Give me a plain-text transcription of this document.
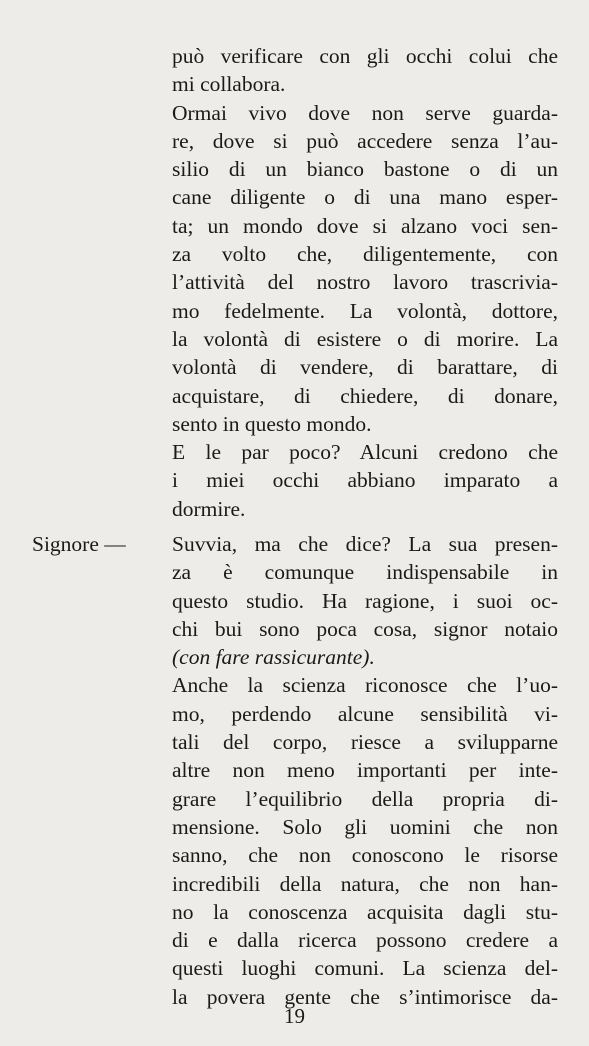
può verificare con gli occhi colui che
mi collabora.
Ormai vivo dove non serve guarda-
re, dove si può accedere senza l’au-
silio di un bianco bastone o di un
cane diligente o di una mano esper-
ta; un mondo dove si alzano voci sen-
za volto che, diligentemente, con
l’attività del nostro lavoro trascrivia-
mo fedelmente. La volontà, dottore,
la volontà di esistere o di morire. La
volontà di vendere, di barattare, di
acquistare, di chiedere, di donare,
sento in questo mondo.
E le par poco? Alcuni credono che
i miei occhi abbiano imparato a
dormire.
Signore — Suvvia, ma che dice? La sua presen-
za è comunque indispensabile in
questo studio. Ha ragione, i suoi oc-
chi bui sono poca cosa, signor notaio
(con fare rassicurante).
Anche la scienza riconosce che l’uo-
mo, perdendo alcune sensibilità vi-
tali del corpo, riesce a svilupparne
altre non meno importanti per inte-
grare l’equilibrio della propria di-
mensione. Solo gli uomini che non
sanno, che non conoscono le risorse
incredibili della natura, che non han-
no la conoscenza acquisita dagli stu-
di e dalla ricerca possono credere a
questi luoghi comuni. La scienza del-
la povera gente che s’intimorisce da-
19
